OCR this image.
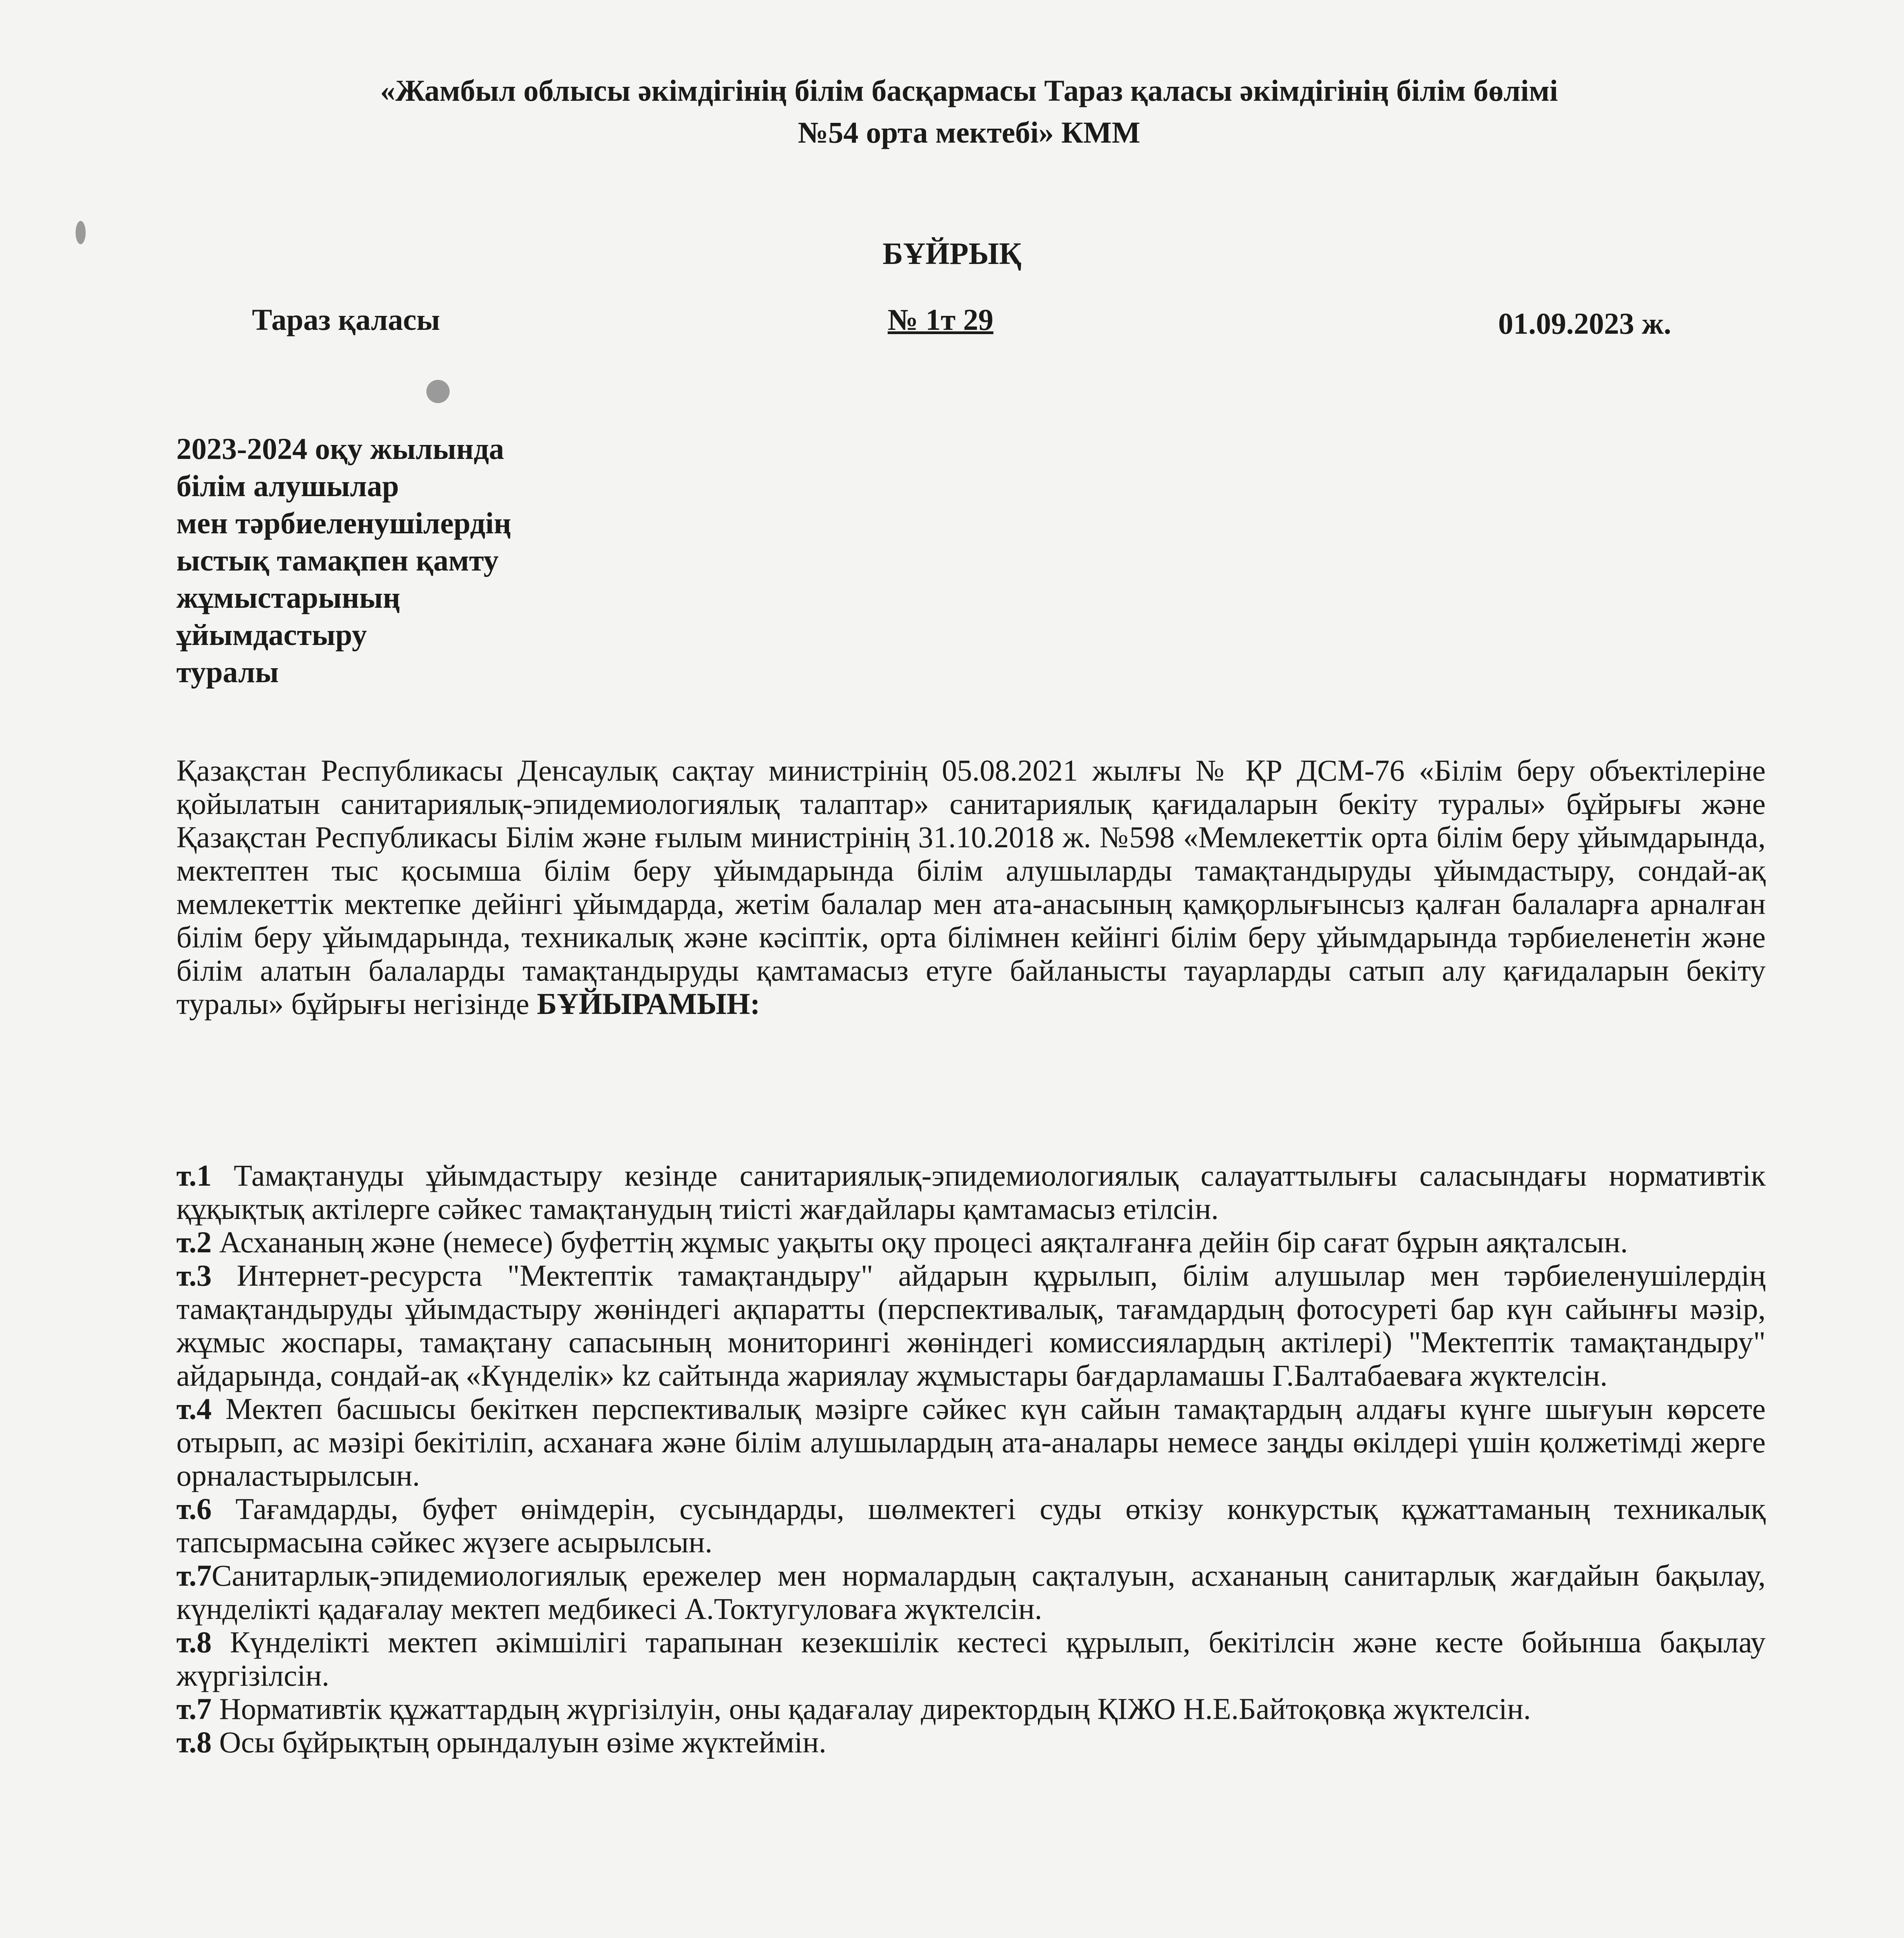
«Жамбыл облысы әкімдігінің білім басқармасы Тараз қаласы әкімдігінің білім бөлімі
№54 орта мектебі» КММ
БҰЙРЫҚ
Тараз қаласы	№ 1т 29	01.09.2023 ж.
2023-2024 оқу жылында
білім алушылар
мен тәрбиеленушілердің
ыстық тамақпен қамту
жұмыстарының
ұйымдастыру
туралы
Қазақстан Республикасы Денсаулық сақтау министрінің 05.08.2021 жылғы № ҚР ДСМ-76 «Білім беру объектілеріне қойылатын санитариялық-эпидемиологиялық талаптар» санитариялық қағидаларын бекіту туралы» бұйрығы және Қазақстан Республикасы Білім және ғылым министрінің 31.10.2018 ж. №598 «Мемлекеттік орта білім беру ұйымдарында, мектептен тыс қосымша білім беру ұйымдарында білім алушыларды тамақтандыруды ұйымдастыру, сондай-ақ мемлекеттік мектепке дейінгі ұйымдарда, жетім балалар мен ата-анасының қамқорлығынсыз қалған балаларға арналған білім беру ұйымдарында, техникалық және кәсіптік, орта білімнен кейінгі білім беру ұйымдарында тәрбиеленетін және білім алатын балаларды тамақтандыруды қамтамасыз етуге байланысты тауарларды сатып алу қағидаларын бекіту туралы» бұйрығы негізінде БҰЙЫРАМЫН:

т.1 Тамақтануды ұйымдастыру кезінде санитариялық-эпидемиологиялық салауаттылығы саласындағы нормативтік құқықтық актілерге сәйкес тамақтанудың тиісті жағдайлары қамтамасыз етілсін.

т.2 Асхананың және (немесе) буфеттің жұмыс уақыты оқу процесі аяқталғанға дейін бір сағат бұрын аяқталсын.

т.3 Интернет-ресурста "Мектептік тамақтандыру" айдарын құрылып, білім алушылар мен тәрбиеленушілердің тамақтандыруды ұйымдастыру жөніндегі ақпаратты (перспективалық, тағамдардың фотосуреті бар күн сайынғы мәзір, жұмыс жоспары, тамақтану сапасының мониторингі жөніндегі комиссиялардың актілері) "Мектептік тамақтандыру" айдарында, сондай-ақ «Күнделік» kz сайтында жариялау жұмыстары бағдарламашы Г.Балтабаеваға жүктелсін.

т.4 Мектеп басшысы бекіткен перспективалық мәзірге сәйкес күн сайын тамақтардың алдағы күнге шығуын көрсете отырып, ас мәзірі бекітіліп, асханаға және білім алушылардың ата-аналары немесе заңды өкілдері үшін қолжетімді жерге орналастырылсын.

т.6 Тағамдарды, буфет өнімдерін, сусындарды, шөлмектегі суды өткізу конкурстық құжаттаманың техникалық тапсырмасына сәйкес жүзеге асырылсын.

т.7Санитарлық-эпидемиологиялық ережелер мен нормалардың сақталуын, асхананың санитарлық жағдайын бақылау, күнделікті қадағалау мектеп медбикесі А.Токтугуловаға жүктелсін.

т.8 Күнделікті мектеп әкімшілігі тарапынан кезекшілік кестесі құрылып, бекітілсін және кесте бойынша бақылау жүргізілсін.

т.7 Нормативтік құжаттардың жүргізілуін, оны қадағалау директордың ҚІЖО Н.Е.Байтоқовқа жүктелсін.

т.8 Осы бұйрықтың орындалуын өзіме жүктеймін.
